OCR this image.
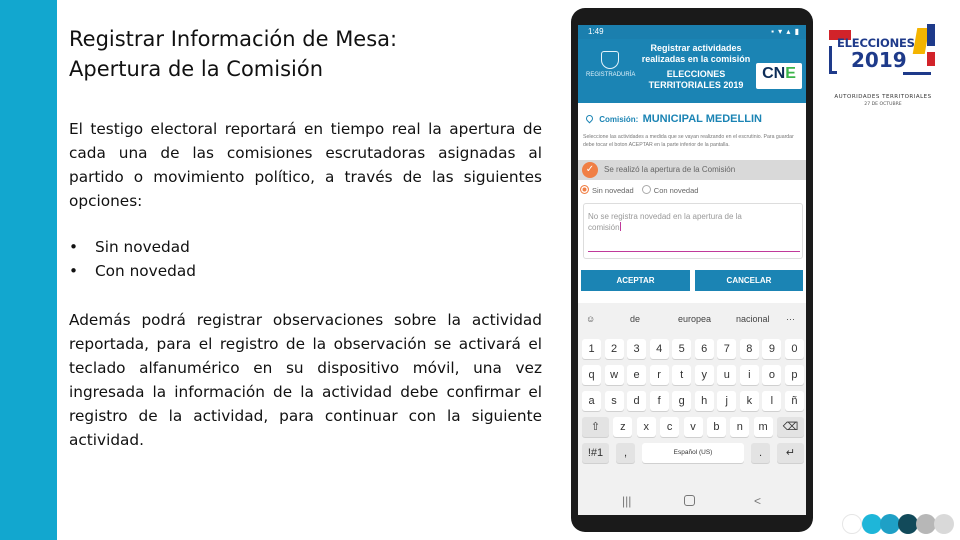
Registrar Información de Mesa:
Apertura de la Comisión

El testigo electoral reportará en tiempo real la apertura de cada una de las comisiones escrutadoras asignadas al partido o movimiento político, a través de las siguientes opciones:

• Sin novedad
• Con novedad

Además podrá registrar observaciones sobre la actividad reportada, para el registro de la observación se activará el teclado alfanumérico en su dispositivo móvil, una vez ingresada la información de la actividad debe confirmar el registro de la actividad, para continuar con la siguiente actividad.

1:49	▪ ▾ ▴ ▮
REGISTRADURÍA
Registrar actividades realizadas en la comisión
ELECCIONES TERRITORIALES 2019
CNE
Comisión: MUNICIPAL MEDELLIN
Seleccione las actividades a medida que se vayan realizando en el escrutinio. Para guardar debe tocar el boton ACEPTAR en la parte inferior de la pantalla.
✓	Se realizó la apertura de la Comisión
Sin novedad	Con novedad
No se registra novedad en la apertura de la comisión
ACEPTAR	CANCELAR
☺	de	europea	nacional ···
1	2	3	4	5	6	7	8	9	0
q	w	e	r	t	y	u	i	o	p
a	s	d	f	g	h	j	k	l	ñ
⇧	z	x	c	v	b	n	m	⌫
!#1	,	Español (US)	.	↵
|||	<
ELECCIONES
2019
AUTORIDADES TERRITORIALES
27 DE OCTUBRE
